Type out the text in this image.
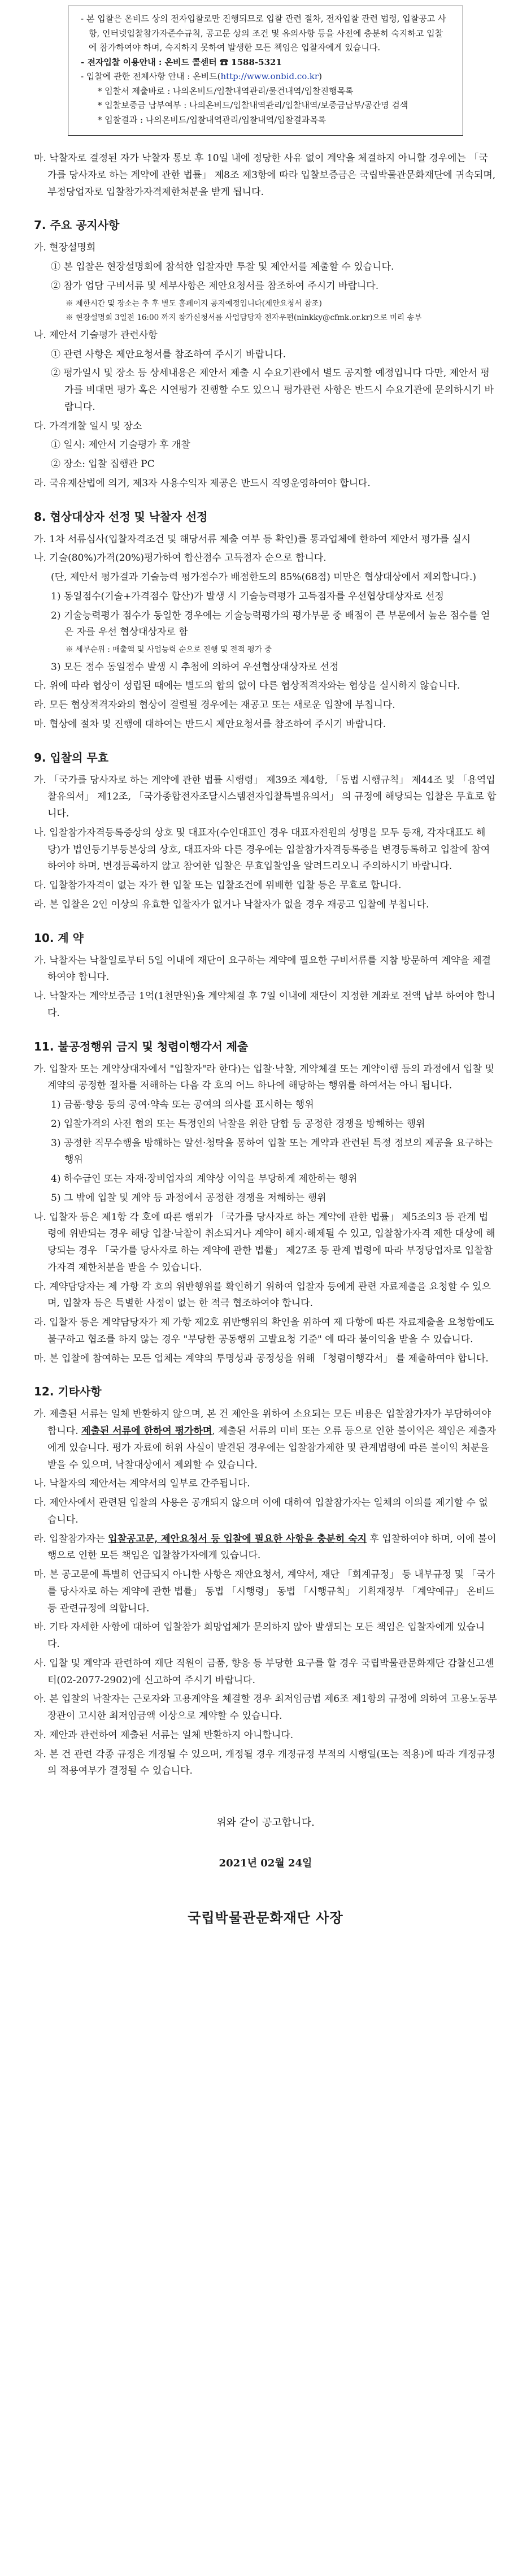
- 본 입찰은 온비드 상의 전자입찰로만 진행되므로 입찰 관련 절차, 전자입찰 관련 법령, 입찰공고 사항, 인터넷입찰참가자준수규칙, 공고문 상의 조건 및 유의사항 등을 사전에 충분히 숙지하고 입찰에 참가하여야 하며, 숙지하지 못하여 발생한 모든 책임은 입찰자에게 있습니다.
- 전자입찰 이용안내 : 온비드 콜센터 ☎ 1588-5321
- 입찰에 관한 전체사항 안내 : 온비드(http://www.onbid.co.kr)
* 입찰서 제출바로 : 나의온비드/입찰내역관리/물건내역/입찰진행목록
* 입찰보증금 납부여부 : 나의온비드/입찰내역관리/입찰내역/보증금납부/공간명 검색
* 입찰결과 : 나의온비드/입찰내역관리/입찰내역/입찰결과목록

마. 낙찰자로 결정된 자가 낙찰자 통보 후 10일 내에 정당한 사유 없이 계약을 체결하지 아니할 경우에는 「국가를 당사자로 하는 계약에 관한 법률」 제8조 제3항에 따라 입찰보증금은 국립박물관문화재단에 귀속되며, 부정당업자로 입찰참가자격제한처분을 받게 됩니다.

7. 주요 공지사항

가. 현장설명회

① 본 입찰은 현장설명회에 참석한 입찰자만 투찰 및 제안서를 제출할 수 있습니다.

② 참가 업담 구비서류 및 세부사항은 제안요청서를 참조하여 주시기 바랍니다.

※ 제한시간 및 장소는 추 후 별도 홈페이지 공지예정입니다(제안요청서 참조)

※ 현장설명회 3일전 16:00 까지 참가신청서를 사업담당자 전자우편(ninkky@cfmk.or.kr)으로 미리 송부

나. 제안서 기술평가 관련사항

① 관련 사항은 제안요청서를 참조하여 주시기 바랍니다.

② 평가일시 및 장소 등 상세내용은 제안서 제출 시 수요기관에서 별도 공지할 예정입니다 다만, 제안서 평가를 비대면 평가 혹은 시연평가 진행할 수도 있으니 평가관련 사항은 반드시 수요기관에 문의하시기 바랍니다.

다. 가격개찰 일시 및 장소

① 일시: 제안서 기술평가 후 개찰

② 장소: 입찰 집행관 PC

라. 국유재산법에 의거, 제3자 사용수익자 제공은 반드시 직영운영하여야 합니다.

8. 협상대상자 선정 및 낙찰자 선정

가. 1차 서류심사(입찰자격조건 및 해당서류 제출 여부 등 확인)를 통과업체에 한하여 제안서 평가를 실시

나. 기술(80%)가격(20%)평가하여 합산점수 고득점자 순으로 합니다.

(단, 제안서 평가결과 기술능력 평가점수가 배점한도의 85%(68점) 미만은 협상대상에서 제외합니다.)

1) 동일점수(기술+가격점수 합산)가 발생 시 기술능력평가 고득점자를 우선협상대상자로 선정

2) 기술능력평가 점수가 동일한 경우에는 기술능력평가의 평가부문 중 배점이 큰 부문에서 높은 점수를 얻은 자를 우선 협상대상자로 함

※ 세부순위 : 매출액 및 사업능력 순으로 진행 및 전적 평가 중

3) 모든 점수 동일점수 발생 시 추첨에 의하여 우선협상대상자로 선정

다. 위에 따라 협상이 성립된 때에는 별도의 합의 없이 다른 협상적격자와는 협상을 실시하지 않습니다.

라. 모든 협상적격자와의 협상이 결렬될 경우에는 재공고 또는 새로운 입찰에 부칩니다.

마. 협상에 절차 및 진행에 대하여는 반드시 제안요청서를 참조하여 주시기 바랍니다.

9. 입찰의 무효

가. 「국가를 당사자로 하는 계약에 관한 법률 시행령」 제39조 제4항, 「동법 시행규칙」 제44조 및 「용역입찰유의서」 제12조, 「국가종합전자조달시스템전자입찰특별유의서」 의 규정에 해당되는 입찰은 무효로 합니다.

나. 입찰참가자격등록증상의 상호 및 대표자(수인대표인 경우 대표자전원의 성명을 모두 등재, 각자대표도 해당)가 법인등기부등본상의 상호, 대표자와 다른 경우에는 입찰참가자격등록증을 변경등록하고 입찰에 참여하여야 하며, 변경등록하지 않고 참여한 입찰은 무효입찰임을 알려드리오니 주의하시기 바랍니다.

다. 입찰참가자격이 없는 자가 한 입찰 또는 입찰조건에 위배한 입찰 등은 무효로 합니다.

라. 본 입찰은 2인 이상의 유효한 입찰자가 없거나 낙찰자가 없을 경우 재공고 입찰에 부칩니다.

10. 계 약

가. 낙찰자는 낙찰일로부터 5일 이내에 재단이 요구하는 계약에 필요한 구비서류를 지참 방문하여 계약을 체결하여야 합니다.

나. 낙찰자는 계약보증금 1억(1천만원)을 계약체결 후 7일 이내에 재단이 지정한 계좌로 전액 납부 하여야 합니다.

11. 불공정행위 금지 및 청렴이행각서 제출

가. 입찰자 또는 계약상대자에서 "입찰자"라 한다)는 입찰·낙찰, 계약체결 또는 계약이행 등의 과정에서 입찰 및 계약의 공정한 절차를 저해하는 다음 각 호의 어느 하나에 해당하는 행위를 하여서는 아니 됩니다.

1) 금품·향응 등의 공여·약속 또는 공여의 의사를 표시하는 행위

2) 입찰가격의 사전 협의 또는 특정인의 낙찰을 위한 담합 등 공정한 경쟁을 방해하는 행위

3) 공정한 직무수행을 방해하는 알선·청탁을 통하여 입찰 또는 계약과 관련된 특정 정보의 제공을 요구하는 행위

4) 하수급인 또는 자재·장비업자의 계약상 이익을 부당하게 제한하는 행위

5) 그 밖에 입찰 및 계약 등 과정에서 공정한 경쟁을 저해하는 행위

나. 입찰자 등은 제1항 각 호에 따른 행위가 「국가를 당사자로 하는 계약에 관한 법률」 제5조의3 등 관계 법령에 위반되는 경우 해당 입찰·낙찰이 취소되거나 계약이 해지·해제될 수 있고, 입찰참가자격 제한 대상에 해당되는 경우 「국가를 당사자로 하는 계약에 관한 법률」 제27조 등 관계 법령에 따라 부정당업자로 입찰참가자격 제한처분을 받을 수 있습니다.

다. 계약담당자는 제 가항 각 호의 위반행위를 확인하기 위하여 입찰자 등에게 관련 자료제출을 요청할 수 있으며, 입찰자 등은 특별한 사정이 없는 한 적극 협조하여야 합니다.

라. 입찰자 등은 계약담당자가 제 가항 제2호 위반행위의 확인을 위하여 제 다항에 따른 자료제출을 요청함에도 불구하고 협조를 하지 않는 경우 "부당한 공동행위 고발요청 기준" 에 따라 불이익을 받을 수 있습니다.

마. 본 입찰에 참여하는 모든 업체는 계약의 투명성과 공정성을 위해 「청렴이행각서」 를 제출하여야 합니다.

12. 기타사항

가. 제출된 서류는 일체 반환하지 않으며, 본 건 제안을 위하여 소요되는 모든 비용은 입찰참가자가 부담하여야 합니다. 제출된 서류에 한하여 평가하며, 제출된 서류의 미비 또는 오류 등으로 인한 불이익은 책임은 제출자에게 있습니다. 평가 자료에 허위 사실이 발견된 경우에는 입찰참가제한 및 관계법령에 따른 불이익 처분을 받을 수 있으며, 낙찰대상에서 제외할 수 있습니다.

나. 낙찰자의 제안서는 계약서의 일부로 간주됩니다.

다. 제안사에서 관련된 입찰의 사용은 공개되지 않으며 이에 대하여 입찰참가자는 일체의 이의를 제기할 수 없습니다.

라. 입찰참가자는 입찰공고문, 제안요청서 등 입찰에 필요한 사항을 충분히 숙지 후 입찰하여야 하며, 이에 불이행으로 인한 모든 책임은 입찰참가자에게 있습니다.

마. 본 공고문에 특별히 언급되지 아니한 사항은 재안요청서, 계약서, 재단 「회계규정」 등 내부규정 및 「국가를 당사자로 하는 계약에 관한 법률」 동법 「시행령」 동법 「시행규칙」 기획재정부 「계약예규」 온비드 등 관련규정에 의합니다.

바. 기타 자세한 사항에 대하여 입찰참가 희망업체가 문의하지 않아 발생되는 모든 책임은 입찰자에게 있습니다.

사. 입찰 및 계약과 관련하여 재단 직원이 금품, 향응 등 부당한 요구를 할 경우 국립박물관문화재단 감찰신고센터(02-2077-2902)에 신고하여 주시기 바랍니다.

아. 본 입찰의 낙찰자는 근로자와 고용계약을 체결할 경우 최저임금법 제6조 제1항의 규정에 의하여 고용노동부 장관이 고시한 최저임금액 이상으로 계약할 수 있습니다.

자. 제안과 관련하여 제출된 서류는 일체 반환하지 아니합니다.

차. 본 건 관련 각종 규정은 개정될 수 있으며, 개정될 경우 개정규정 부적의 시행일(또는 적용)에 따라 개정규정의 적용여부가 결정될 수 있습니다.

위와 같이 공고합니다.

2021년 02월 24일

국립박물관문화재단 사장
